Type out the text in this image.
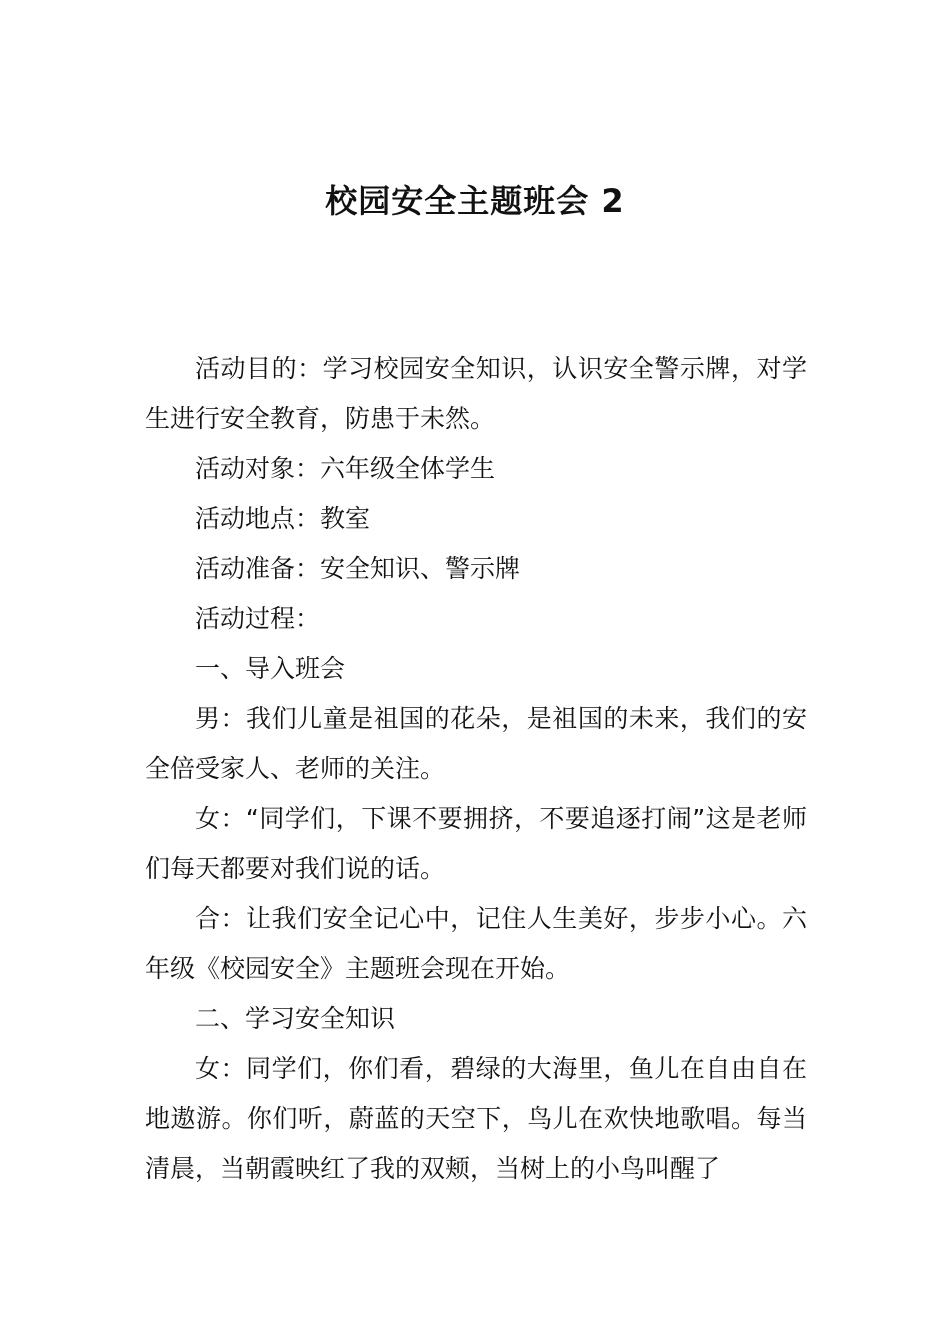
校园安全主题班会 2

活动目的：学习校园安全知识，认识安全警示牌，对学生进行安全教育，防患于未然。

活动对象：六年级全体学生

活动地点：教室

活动准备：安全知识、警示牌

活动过程：

一、导入班会

男：我们儿童是祖国的花朵，是祖国的未来，我们的安全倍受家人、老师的关注。

女：“同学们，下课不要拥挤，不要追逐打闹”这是老师们每天都要对我们说的话。

合：让我们安全记心中，记住人生美好，步步小心。六年级《校园安全》主题班会现在开始。

二、学习安全知识

女：同学们，你们看，碧绿的大海里，鱼儿在自由自在地遨游。你们听，蔚蓝的天空下，鸟儿在欢快地歌唱。每当清晨，当朝霞映红了我的双颊，当树上的小鸟叫醒了
